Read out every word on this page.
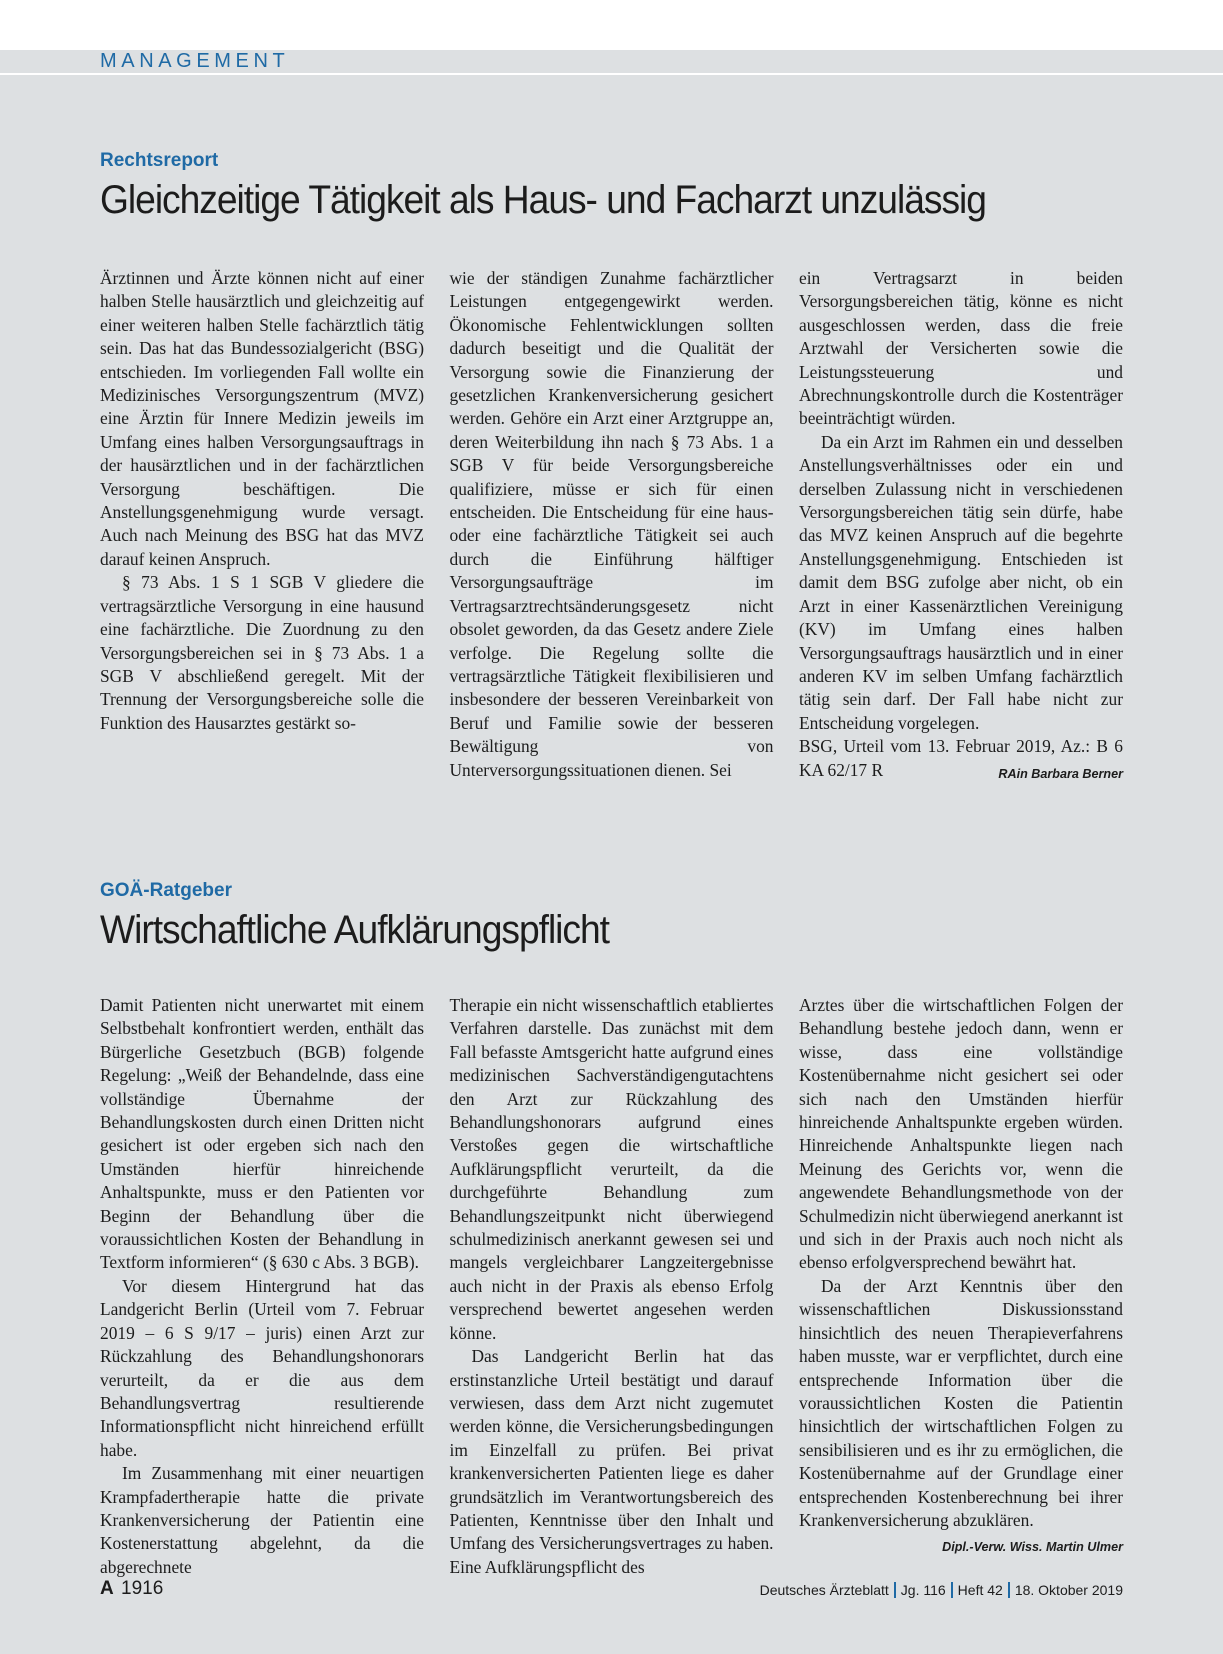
MANAGEMENT
Rechtsreport
Gleichzeitige Tätigkeit als Haus- und Facharzt unzulässig

Ärztinnen und Ärzte können nicht auf einer halben Stelle hausärztlich und gleichzeitig auf einer weiteren halben Stelle fachärztlich tätig sein. Das hat das Bundessozialgericht (BSG) entschieden. Im vorliegenden Fall wollte ein Medizinisches Versorgungszentrum (MVZ) eine Ärztin für Innere Medizin jeweils im Umfang eines halben Versorgungsauftrags in der hausärztlichen und in der fachärztlichen Versorgung beschäftigen. Die Anstellungsgenehmigung wurde versagt. Auch nach Meinung des BSG hat das MVZ darauf keinen Anspruch.

§ 73 Abs. 1 S 1 SGB V gliedere die vertragsärztliche Versorgung in eine hausund eine fachärztliche. Die Zuordnung zu den Versorgungsbereichen sei in § 73 Abs. 1 a SGB V abschließend geregelt. Mit der Trennung der Versorgungsbereiche solle die Funktion des Hausarztes gestärkt so-

wie der ständigen Zunahme fachärztlicher Leistungen entgegengewirkt werden. Ökonomische Fehlentwicklungen sollten dadurch beseitigt und die Qualität der Versorgung sowie die Finanzierung der gesetzlichen Krankenversicherung gesichert werden. Gehöre ein Arzt einer Arztgruppe an, deren Weiterbildung ihn nach § 73 Abs. 1 a SGB V für beide Versorgungsbereiche qualifiziere, müsse er sich für einen entscheiden. Die Entscheidung für eine haus- oder eine fachärztliche Tätigkeit sei auch durch die Einführung hälftiger Versorgungsaufträge im Vertragsarztrechtsänderungsgesetz nicht obsolet geworden, da das Gesetz andere Ziele verfolge. Die Regelung sollte die vertragsärztliche Tätigkeit flexibilisieren und insbesondere der besseren Vereinbarkeit von Beruf und Familie sowie der besseren Bewältigung von Unterversorgungssituationen dienen. Sei

ein Vertragsarzt in beiden Versorgungsbereichen tätig, könne es nicht ausgeschlossen werden, dass die freie Arztwahl der Versicherten sowie die Leistungssteuerung und Abrechnungskontrolle durch die Kostenträger beeinträchtigt würden.

Da ein Arzt im Rahmen ein und desselben Anstellungsverhältnisses oder ein und derselben Zulassung nicht in verschiedenen Versorgungsbereichen tätig sein dürfe, habe das MVZ keinen Anspruch auf die begehrte Anstellungsgenehmigung. Entschieden ist damit dem BSG zufolge aber nicht, ob ein Arzt in einer Kassenärztlichen Vereinigung (KV) im Umfang eines halben Versorgungsauftrags hausärztlich und in einer anderen KV im selben Umfang fachärztlich tätig sein darf. Der Fall habe nicht zur Entscheidung vorgelegen.

BSG, Urteil vom 13. Februar 2019, Az.: B 6 KA 62/17 R	RAin Barbara Berner

GOÄ-Ratgeber
Wirtschaftliche Aufklärungspflicht

Damit Patienten nicht unerwartet mit einem Selbstbehalt konfrontiert werden, enthält das Bürgerliche Gesetzbuch (BGB) folgende Regelung: „Weiß der Behandelnde, dass eine vollständige Übernahme der Behandlungskosten durch einen Dritten nicht gesichert ist oder ergeben sich nach den Umständen hierfür hinreichende Anhaltspunkte, muss er den Patienten vor Beginn der Behandlung über die voraussichtlichen Kosten der Behandlung in Textform informieren“ (§ 630 c Abs. 3 BGB).

Vor diesem Hintergrund hat das Landgericht Berlin (Urteil vom 7. Februar 2019 – 6 S 9/17 – juris) einen Arzt zur Rückzahlung des Behandlungshonorars verurteilt, da er die aus dem Behandlungsvertrag resultierende Informationspflicht nicht hinreichend erfüllt habe.

Im Zusammenhang mit einer neuartigen Krampfadertherapie hatte die private Krankenversicherung der Patientin eine Kostenerstattung abgelehnt, da die abgerechnete

Therapie ein nicht wissenschaftlich etabliertes Verfahren darstelle. Das zunächst mit dem Fall befasste Amtsgericht hatte aufgrund eines medizinischen Sachverständigengutachtens den Arzt zur Rückzahlung des Behandlungshonorars aufgrund eines Verstoßes gegen die wirtschaftliche Aufklärungspflicht verurteilt, da die durchgeführte Behandlung zum Behandlungszeitpunkt nicht überwiegend schulmedizinisch anerkannt gewesen sei und mangels vergleichbarer Langzeitergebnisse auch nicht in der Praxis als ebenso Erfolg versprechend bewertet angesehen werden könne.

Das Landgericht Berlin hat das erstinstanzliche Urteil bestätigt und darauf verwiesen, dass dem Arzt nicht zugemutet werden könne, die Versicherungsbedingungen im Einzelfall zu prüfen. Bei privat krankenversicherten Patienten liege es daher grundsätzlich im Verantwortungsbereich des Patienten, Kenntnisse über den Inhalt und Umfang des Versicherungsvertrages zu haben. Eine Aufklärungspflicht des

Arztes über die wirtschaftlichen Folgen der Behandlung bestehe jedoch dann, wenn er wisse, dass eine vollständige Kostenübernahme nicht gesichert sei oder sich nach den Umständen hierfür hinreichende Anhaltspunkte ergeben würden. Hinreichende Anhaltspunkte liegen nach Meinung des Gerichts vor, wenn die angewendete Behandlungsmethode von der Schulmedizin nicht überwiegend anerkannt ist und sich in der Praxis auch noch nicht als ebenso erfolgversprechend bewährt hat.

Da der Arzt Kenntnis über den wissenschaftlichen Diskussionsstand hinsichtlich des neuen Therapieverfahrens haben musste, war er verpflichtet, durch eine entsprechende Information über die voraussichtlichen Kosten die Patientin hinsichtlich der wirtschaftlichen Folgen zu sensibilisieren und es ihr zu ermöglichen, die Kostenübernahme auf der Grundlage einer entsprechenden Kostenberechnung bei ihrer Krankenversicherung abzuklären.
Dipl.-Verw. Wiss. Martin Ulmer

A 1916	Deutsches Ärzteblatt Jg. 116 Heft 42 18. Oktober 2019
